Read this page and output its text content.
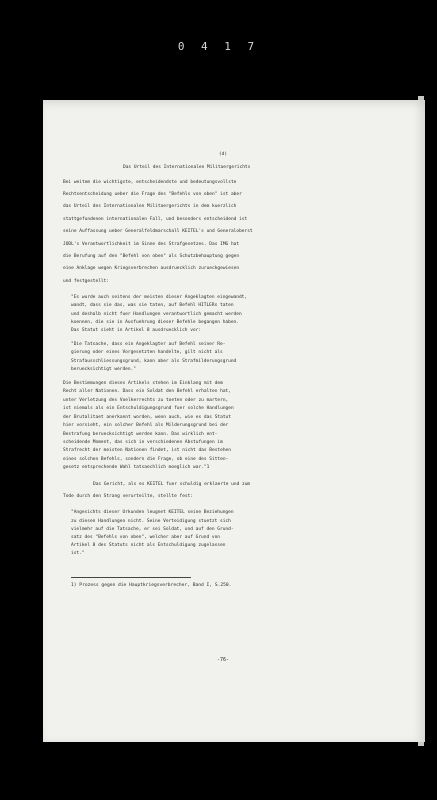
0 4 1 7
(d)
Das Urteil des Internationalen Militaergerichts
Bei weitem die wichtigste, entscheidendste und bedeutungsvollste
Rechtsentscheidung ueber die Frage des "Befehls von oben" ist aber
das Urteil des Internationalen Militaergerichts in dem kuerzlich
stattgefundenen internationalen Fall, und besonders entscheidend ist
seine Auffassung ueber Generalfeldmarschall KEITEL's und Generaloberst
JODL's Verantwortlichkeit im Sinne des Strafgesetzes. Das IMG hat
die Berufung auf den "Befehl von oben" als Schutzbehauptung gegen
eine Anklage wegen Kriegsverbrechen ausdruecklich zurueckgewiesen
und festgestellt:
"Es wurde auch seitens der meisten dieser Angeklagten eingewandt,
wandt, dass sie das, was sie taten, auf Befehl HITLERs taten
und deshalb nicht fuer Handlungen verantwortlich gemacht werden
koennen, die sie in Ausfuehrung dieser Befehle begangen haben.
Das Statut sieht in Artikel 8 ausdruecklich vor:
"Die Tatsache, dass ein Angeklagter auf Befehl seiner Re-
gierung oder eines Vorgesetzten handelte, gilt nicht als
Strafausschliessungsgrund, kann aber als Strafmilderungsgrund
beruecksichtigt werden."
Die Bestimmungen dieses Artikels stehen im Einklang mit dem
Recht aller Nationen. Dass ein Soldat den Befehl erhalten hat,
unter Verletzung des Voelkerrechts zu toeten oder zu martern,
ist niemals als ein Entschuldigungsgrund fuer solche Handlungen
der Brutalitaet anerkannt worden, wenn auch, wie es das Statut
hier vorsieht, ein solcher Befehl als Milderungsgrund bei der
Bestrafung beruecksichtigt werden kann. Das wirklich ent-
scheidende Moment, das sich in verschiedenen Abstufungen im
Strafrecht der meisten Nationen findet, ist nicht das Bestehen
eines solchen Befehls, sondern die Frage, ob eine des Sitten-
gesetz entsprechende Wahl tatsaechlich moeglich war."1
Das Gericht, als es KEITEL fuer schuldig erklaerte und zum
Tode durch den Strang verurteilte, stellte fest:
"Angesichts dieser Urkunden leugnet KEITEL seine Beziehungen
zu diesen Handlungen nicht. Seine Verteidigung stuetzt sich
vielmehr auf die Tatsache, er sei Soldat, und auf den Grund-
satz des "Befehls von oben", welcher aber auf Grund von
Artikel 8 des Statuts nicht als Entschuldigung zugelassen
ist."
1) Prozess gegen die Hauptkriegsverbrecher, Band I, S.250.
-76-
